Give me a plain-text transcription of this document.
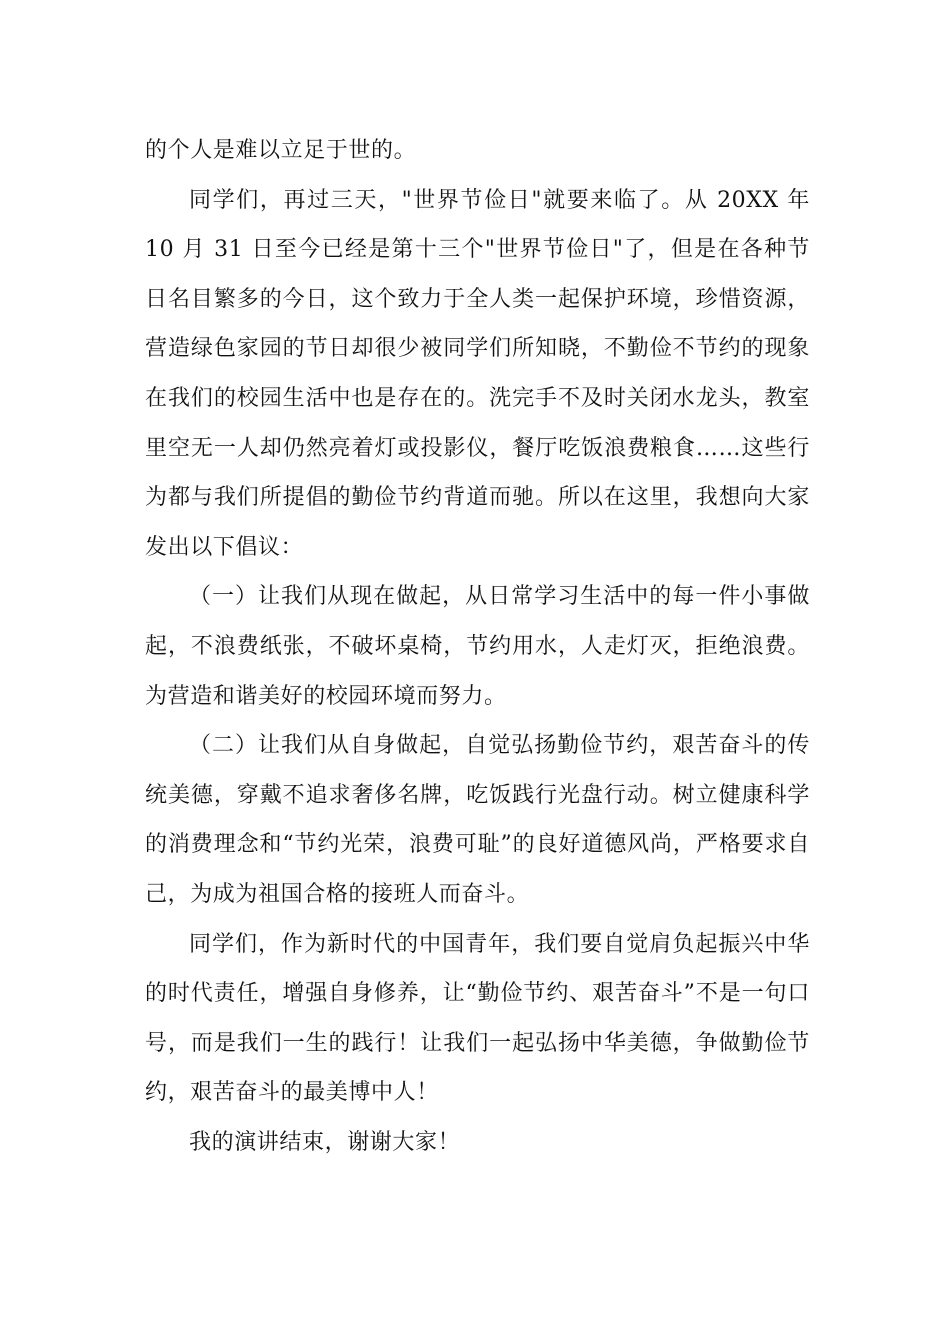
的个人是难以立足于世的。

同学们，再过三天，"世界节俭日"就要来临了。从 20XX 年 10 月 31 日至今已经是第十三个"世界节俭日"了，但是在各种节日名目繁多的今日，这个致力于全人类一起保护环境，珍惜资源，营造绿色家园的节日却很少被同学们所知晓，不勤俭不节约的现象在我们的校园生活中也是存在的。洗完手不及时关闭水龙头，教室里空无一人却仍然亮着灯或投影仪，餐厅吃饭浪费粮食……这些行为都与我们所提倡的勤俭节约背道而驰。所以在这里，我想向大家发出以下倡议：

（一）让我们从现在做起，从日常学习生活中的每一件小事做起，不浪费纸张，不破坏桌椅，节约用水，人走灯灭，拒绝浪费。为营造和谐美好的校园环境而努力。

（二）让我们从自身做起，自觉弘扬勤俭节约，艰苦奋斗的传统美德，穿戴不追求奢侈名牌，吃饭践行光盘行动。树立健康科学的消费理念和“节约光荣，浪费可耻”的良好道德风尚，严格要求自己，为成为祖国合格的接班人而奋斗。

同学们，作为新时代的中国青年，我们要自觉肩负起振兴中华的时代责任，增强自身修养，让“勤俭节约、艰苦奋斗”不是一句口号，而是我们一生的践行！让我们一起弘扬中华美德，争做勤俭节约，艰苦奋斗的最美博中人！

我的演讲结束，谢谢大家！
